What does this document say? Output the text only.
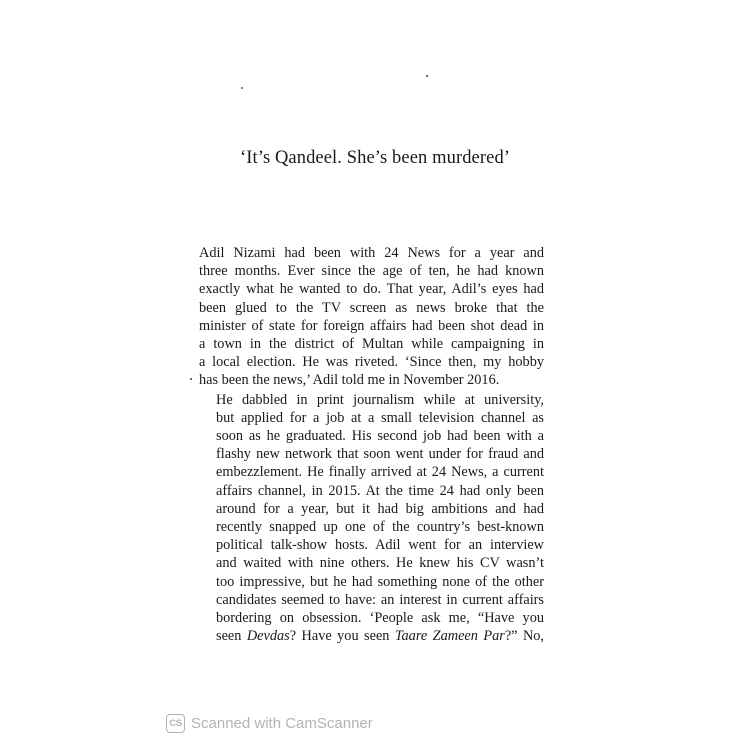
‘It’s Qandeel. She’s been murdered’

Adil Nizami had been with 24 News for a year and
three months. Ever since the age of ten, he had known
exactly what he wanted to do. That year, Adil’s eyes had
been glued to the TV screen as news broke that the
minister of state for foreign affairs had been shot dead in
a town in the district of Multan while campaigning in
a local election. He was riveted. ‘Since then, my hobby
has been the news,’ Adil told me in November 2016.

He dabbled in print journalism while at university,
but applied for a job at a small television channel as
soon as he graduated. His second job had been with a
flashy new network that soon went under for fraud and
embezzlement. He finally arrived at 24 News, a current
affairs channel, in 2015. At the time 24 had only been
around for a year, but it had big ambitions and had
recently snapped up one of the country’s best-known
political talk-show hosts. Adil went for an interview
and waited with nine others. He knew his CV wasn’t
too impressive, but he had something none of the other
candidates seemed to have: an interest in current affairs
bordering on obsession. ‘People ask me, “Have you
seen Devdas? Have you seen Taare Zameen Par?” No,

CS Scanned with CamScanner
